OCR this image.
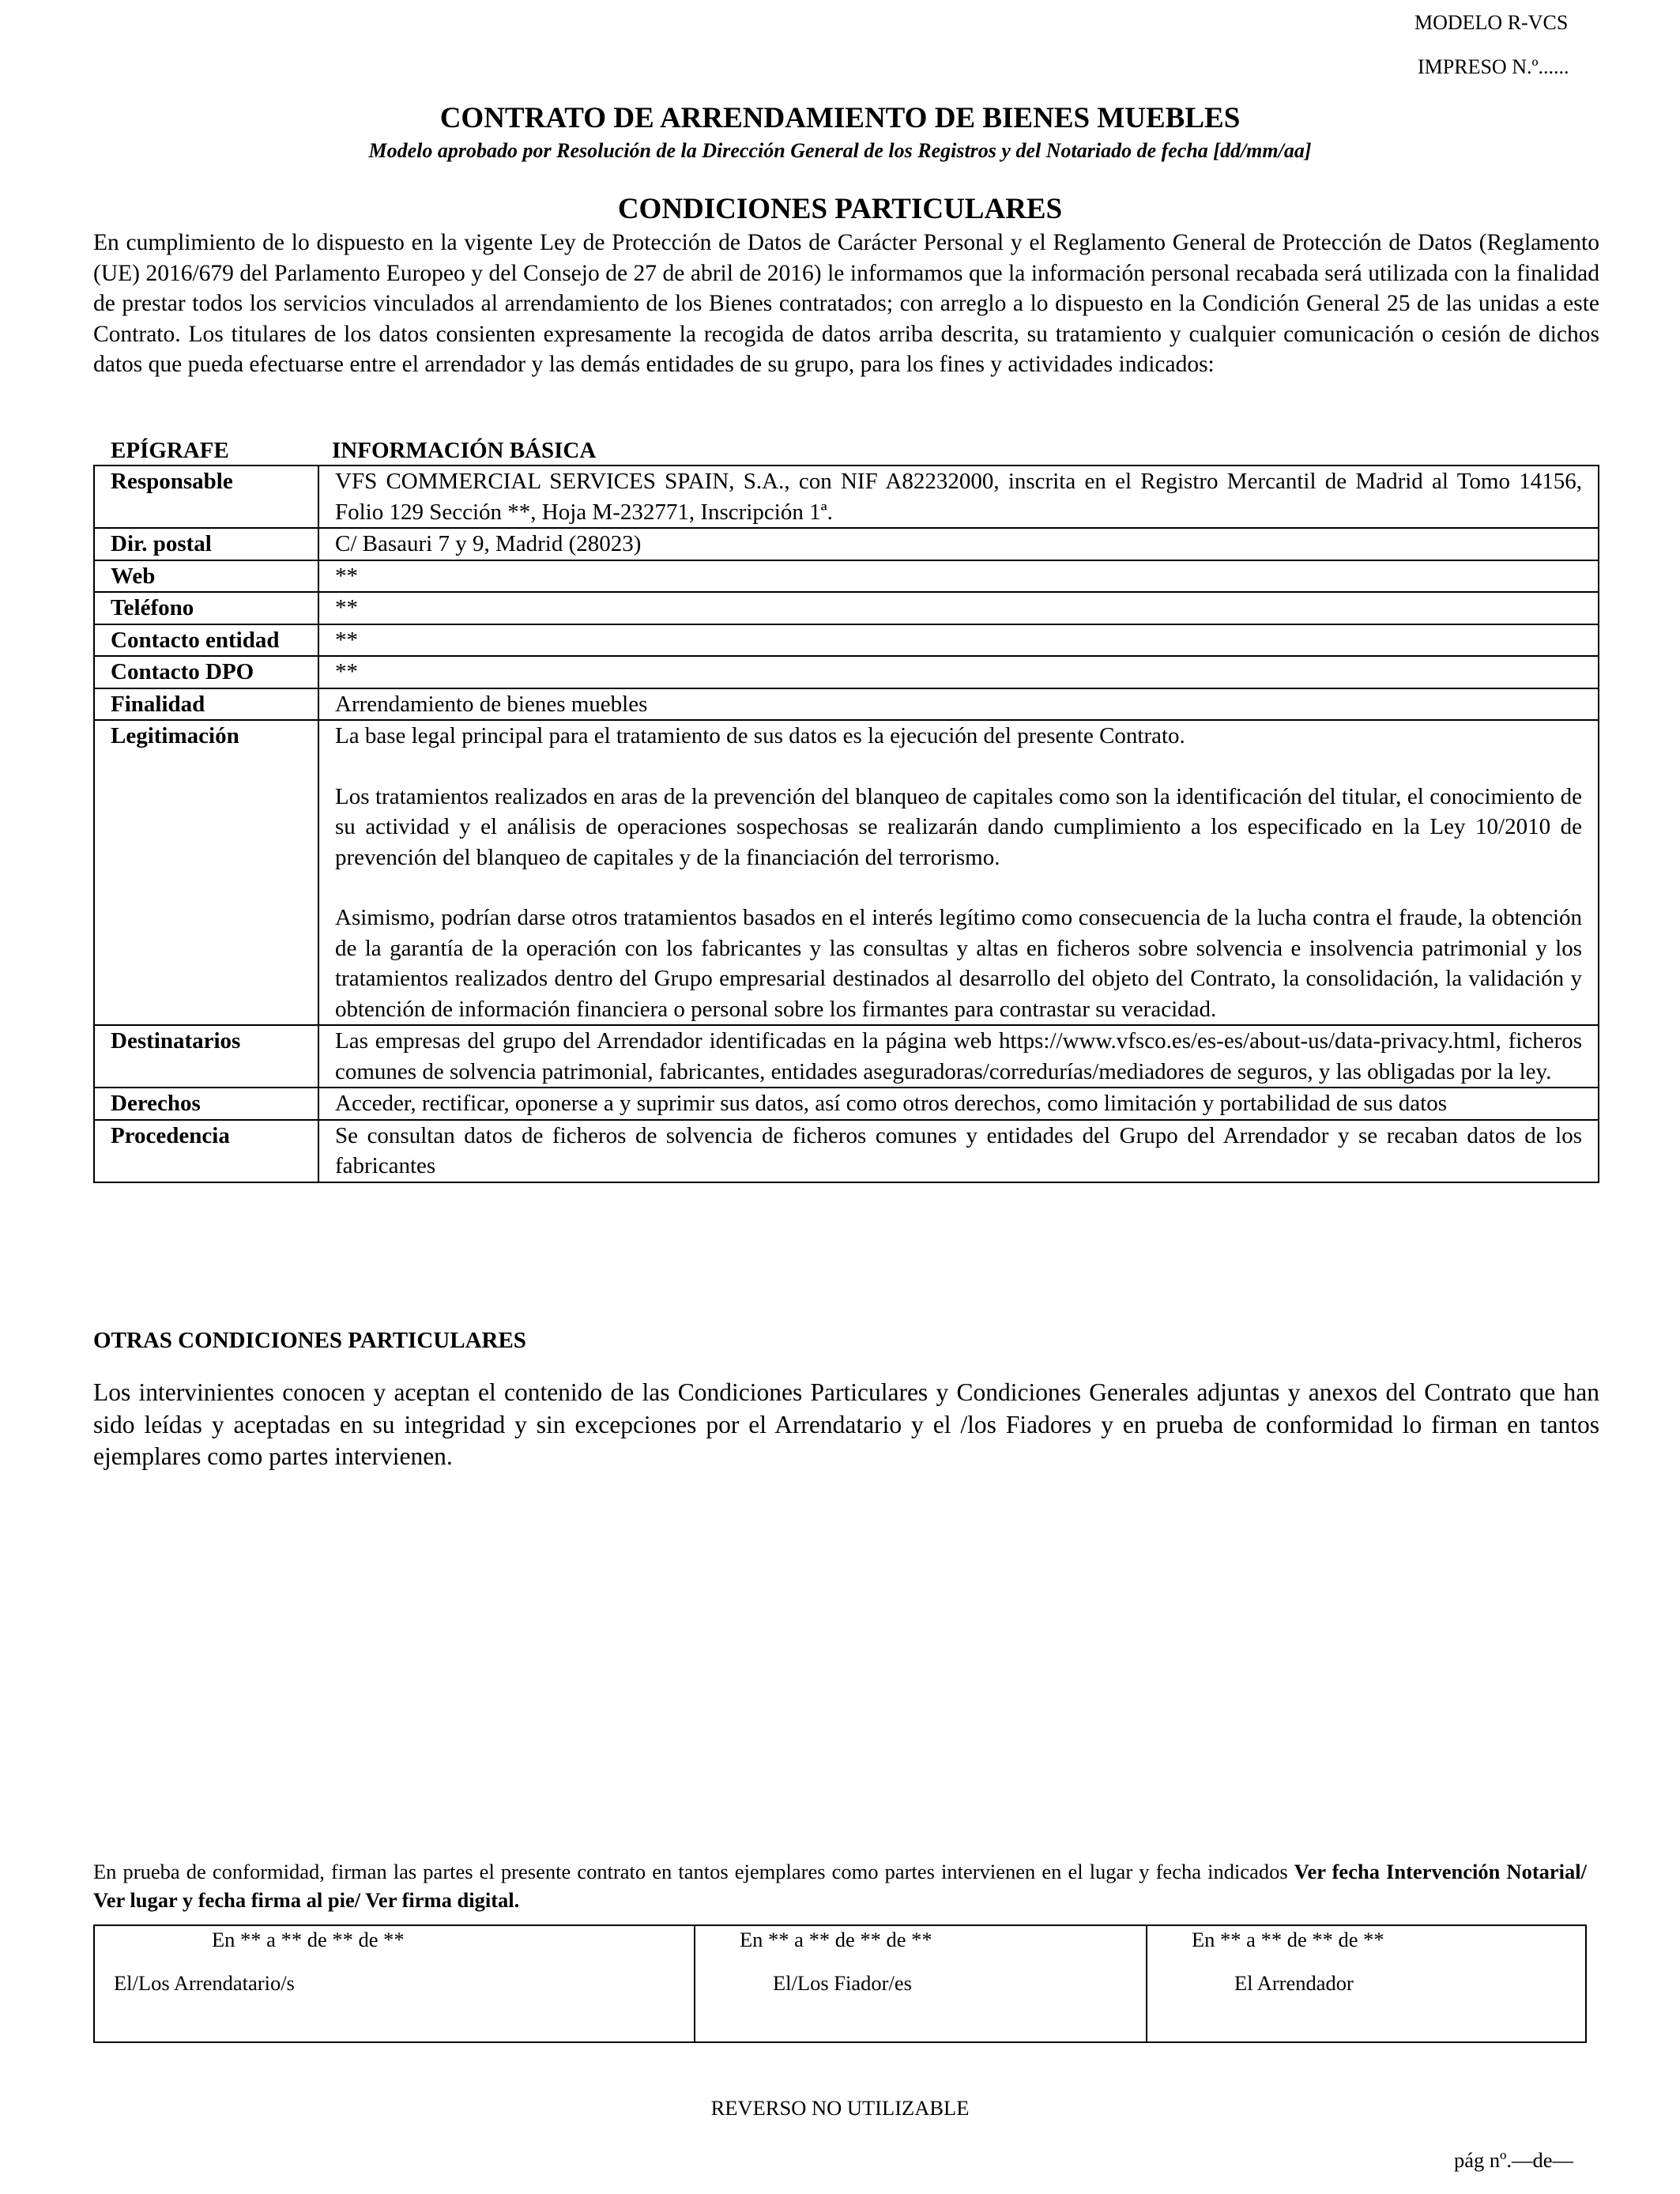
MODELO R-VCS
IMPRESO N.º......
CONTRATO DE ARRENDAMIENTO DE BIENES MUEBLES
Modelo aprobado por Resolución de la Dirección General de los Registros y del Notariado de fecha [dd/mm/aa]
CONDICIONES PARTICULARES

En cumplimiento de lo dispuesto en la vigente Ley de Protección de Datos de Carácter Personal y el Reglamento General de Protección de Datos (Reglamento (UE) 2016/679 del Parlamento Europeo y del Consejo de 27 de abril de 2016) le informamos que la información personal recabada será utilizada con la finalidad de prestar todos los servicios vinculados al arrendamiento de los Bienes contratados; con arreglo a lo dispuesto en la Condición General 25 de las unidas a este Contrato. Los titulares de los datos consienten expresamente la recogida de datos arriba descrita, su tratamiento y cualquier comunicación o cesión de dichos datos que pueda efectuarse entre el arrendador y las demás entidades de su grupo, para los fines y actividades indicados:

EPÍGRAFE	INFORMACIÓN BÁSICA
Responsable	VFS COMMERCIAL SERVICES SPAIN, S.A., con NIF A82232000, inscrita en el Registro Mercantil de Madrid al Tomo 14156, Folio 129 Sección **, Hoja M-232771, Inscripción 1ª.
Dir. postal	C/ Basauri 7 y 9, Madrid (28023)
Web	**
Teléfono	**
Contacto entidad	**
Contacto DPO	**
Finalidad	Arrendamiento de bienes muebles
Legitimación	La base legal principal para el tratamiento de sus datos es la ejecución del presente Contrato.

Los tratamientos realizados en aras de la prevención del blanqueo de capitales como son la identificación del titular, el conocimiento de su actividad y el análisis de operaciones sospechosas se realizarán dando cumplimiento a los especificado en la Ley 10/2010 de prevención del blanqueo de capitales y de la financiación del terrorismo.

Asimismo, podrían darse otros tratamientos basados en el interés legítimo como consecuencia de la lucha contra el fraude, la obtención de la garantía de la operación con los fabricantes y las consultas y altas en ficheros sobre solvencia e insolvencia patrimonial y los tratamientos realizados dentro del Grupo empresarial destinados al desarrollo del objeto del Contrato, la consolidación, la validación y obtención de información financiera o personal sobre los firmantes para contrastar su veracidad.

Destinatarios	Las empresas del grupo del Arrendador identificadas en la página web https://www.vfsco.es/es-es/about-us/data-privacy.html, ficheros comunes de solvencia patrimonial, fabricantes, entidades aseguradoras/corredurías/mediadores de seguros, y las obligadas por la ley.
Derechos	Acceder, rectificar, oponerse a y suprimir sus datos, así como otros derechos, como limitación y portabilidad de sus datos
Procedencia	Se consultan datos de ficheros de solvencia de ficheros comunes y entidades del Grupo del Arrendador y se recaban datos de los fabricantes
OTRAS CONDICIONES PARTICULARES

Los intervinientes conocen y aceptan el contenido de las Condiciones Particulares y Condiciones Generales adjuntas y anexos del Contrato que han sido leídas y aceptadas en su integridad y sin excepciones por el Arrendatario y el /los Fiadores y en prueba de conformidad lo firman en tantos ejemplares como partes intervienen.

En prueba de conformidad, firman las partes el presente contrato en tantos ejemplares como partes intervienen en el lugar y fecha indicados Ver fecha Intervención Notarial/ Ver lugar y fecha firma al pie/ Ver firma digital.

En ** a ** de ** de **
El/Los Arrendatario/s

En ** a ** de ** de **
El/Los Fiador/es

En ** a ** de ** de **
El Arrendador
REVERSO NO UTILIZABLE
pág nº.—de—
